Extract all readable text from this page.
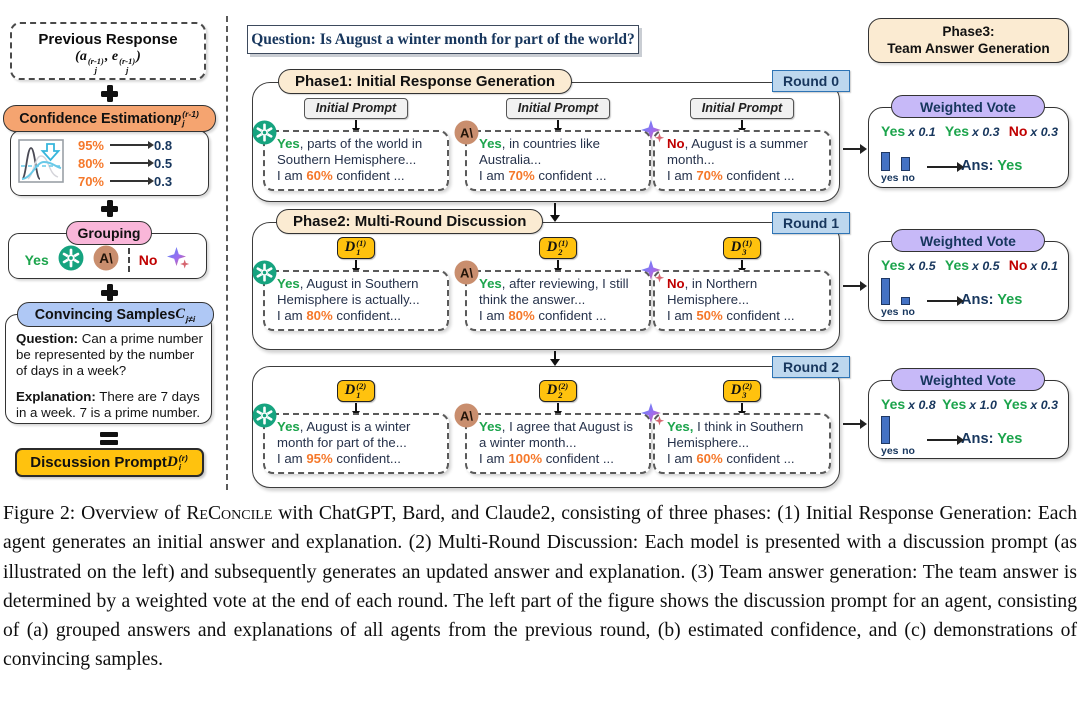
Previous Response
(a (r-1)
j
, e (r-1)
j
)
Confidence Estimation p (r-1)
j
95%	0.8
80%	0.5
70%	0.3
Grouping
Yes	A\ No
Convincing Samples C
j≠i
Question: Can a prime number be represented by the number of days in a week?
Explanation: There are 7 days in a week. 7 is a prime number.
Discussion Prompt D (r)
i
Question: Is August a winter month for part of the world?
Phase1: Initial Response Generation	Round 0
Initial Prompt
Yes, parts of the world in Southern Hemisphere...
I am 60% confident ...
Initial Prompt
A\
Yes, in countries like Australia...
I am 70% confident ...
Initial Prompt
No, August is a summer month...
I am 70% confident ...
Phase2: Multi-Round Discussion	Round 1
D (1)
1
Yes, August in Southern Hemisphere is actually...
I am 80% confident...
D (1)
2
A\
Yes, after reviewing, I still think the answer...
I am 80% confident ...
D (1)
3
No, in Northern Hemisphere...
I am 50% confident ...
Round 2
D (2)
1
Yes, August is a winter month for part of the...
I am 95% confident...
D (2)
2
A\
Yes, I agree that August is a winter month...
I am 100% confident ...
D (2)
3
Yes, I think in Southern Hemisphere...
I am 60% confident ...
Phase3:
Team Answer Generation
Weighted Vote
Yes x 0.1 Yes x 0.3 No x 0.3
yes no
Ans: Yes
Weighted Vote
Yes x 0.5 Yes x 0.5 No x 0.1
yes no
Ans: Yes
Weighted Vote
Yes x 0.8 Yes x 1.0 Yes x 0.3
yes no
Ans: Yes
Figure 2: Overview of ReConcile with ChatGPT, Bard, and Claude2, consisting of three phases: (1) Initial Response Generation: Each agent generates an initial answer and explanation. (2) Multi-Round Discussion: Each model is presented with a discussion prompt (as illustrated on the left) and subsequently generates an updated answer and explanation. (3) Team answer generation: The team answer is determined by a weighted vote at the end of each round. The left part of the figure shows the discussion prompt for an agent, consisting of (a) grouped answers and explanations of all agents from the previous round, (b) estimated confidence, and (c) demonstrations of convincing samples.
